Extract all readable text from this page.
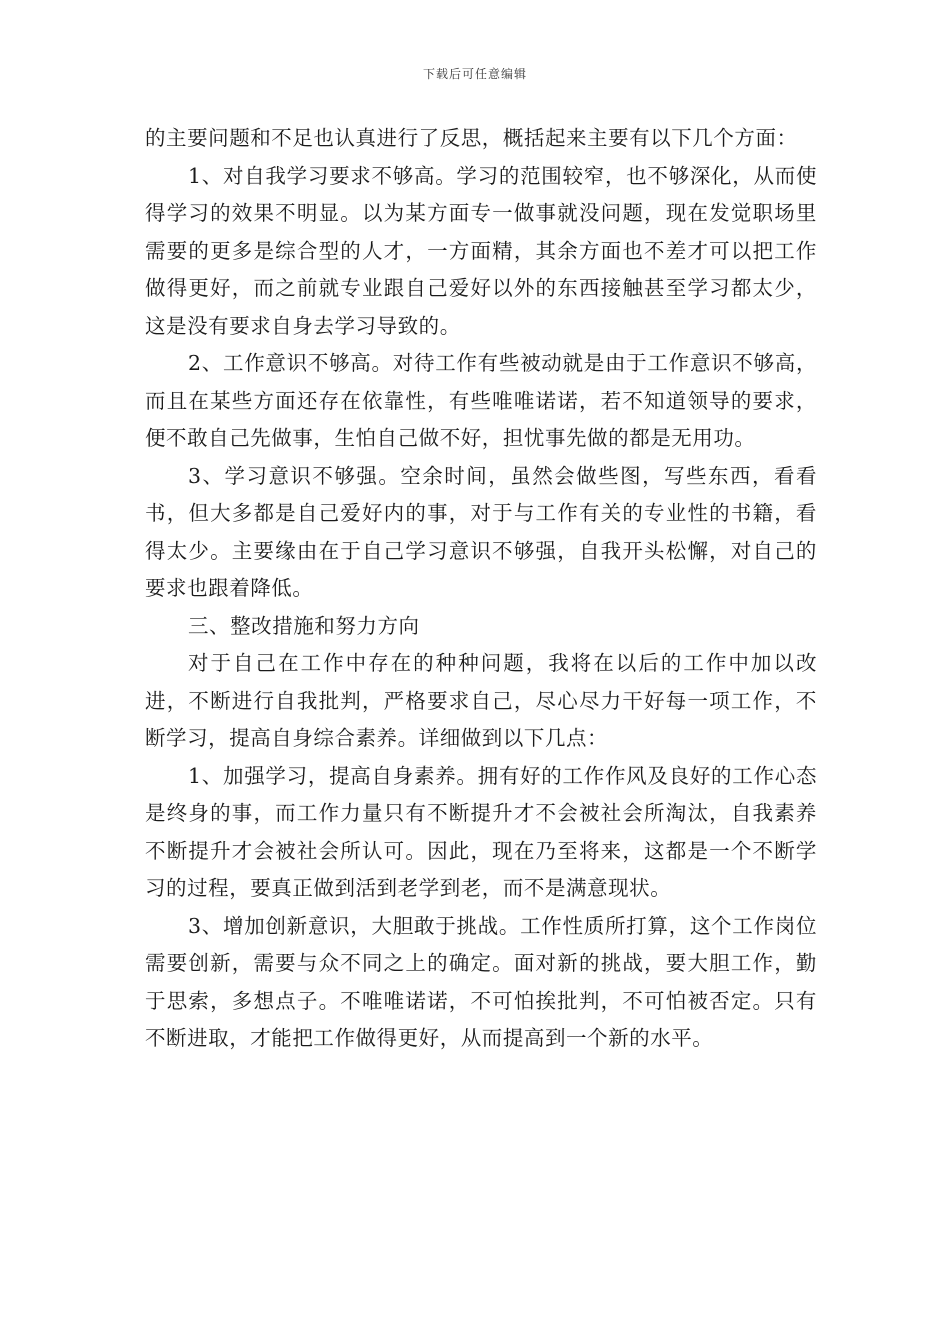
下载后可任意编辑

的主要问题和不足也认真进行了反思，概括起来主要有以下几个方面：

1、对自我学习要求不够高。学习的范围较窄，也不够深化，从而使得学习的效果不明显。以为某方面专一做事就没问题，现在发觉职场里需要的更多是综合型的人才，一方面精，其余方面也不差才可以把工作做得更好，而之前就专业跟自己爱好以外的东西接触甚至学习都太少，这是没有要求自身去学习导致的。

2、工作意识不够高。对待工作有些被动就是由于工作意识不够高，而且在某些方面还存在依靠性，有些唯唯诺诺，若不知道领导的要求，便不敢自己先做事，生怕自己做不好，担忧事先做的都是无用功。

3、学习意识不够强。空余时间，虽然会做些图，写些东西，看看书，但大多都是自己爱好内的事，对于与工作有关的专业性的书籍，看得太少。主要缘由在于自己学习意识不够强，自我开头松懈，对自己的要求也跟着降低。

三、整改措施和努力方向

对于自己在工作中存在的种种问题，我将在以后的工作中加以改进，不断进行自我批判，严格要求自己，尽心尽力干好每一项工作，不断学习，提高自身综合素养。详细做到以下几点：

1、加强学习，提高自身素养。拥有好的工作作风及良好的工作心态是终身的事，而工作力量只有不断提升才不会被社会所淘汰，自我素养不断提升才会被社会所认可。因此，现在乃至将来，这都是一个不断学习的过程，要真正做到活到老学到老，而不是满意现状。

3、增加创新意识，大胆敢于挑战。工作性质所打算，这个工作岗位需要创新，需要与众不同之上的确定。面对新的挑战，要大胆工作，勤于思索，多想点子。不唯唯诺诺，不可怕挨批判，不可怕被否定。只有不断进取，才能把工作做得更好，从而提高到一个新的水平。
